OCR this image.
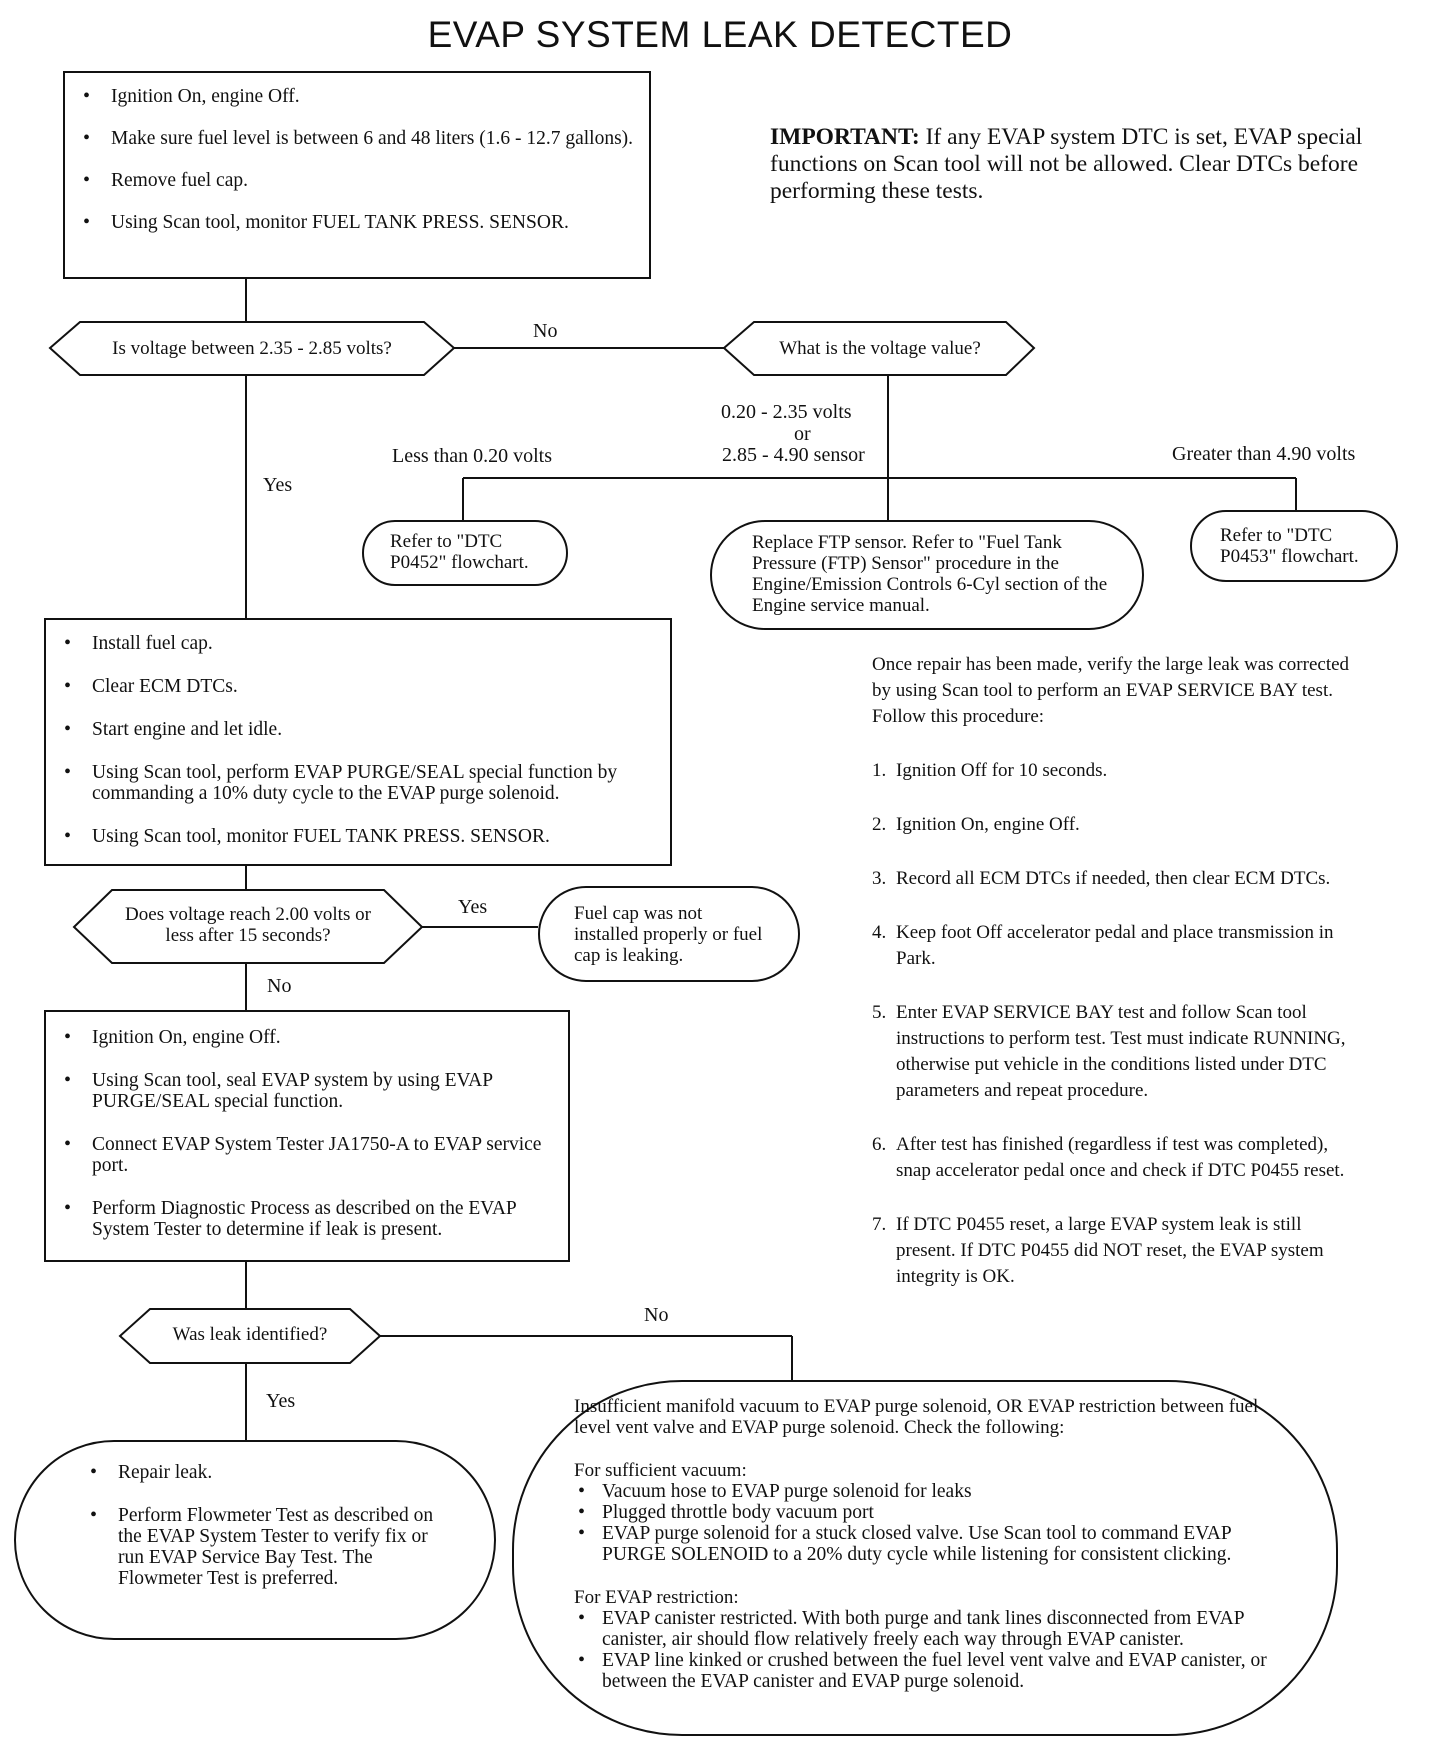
EVAP SYSTEM LEAK DETECTED
IMPORTANT: If any EVAP system DTC is set, EVAP special functions on Scan tool will not be allowed. Clear DTCs before performing these tests.
• Ignition On, engine Off.
• Make sure fuel level is between 6 and 48 liters (1.6 - 12.7 gallons).
• Remove fuel cap.
• Using Scan tool, monitor FUEL TANK PRESS. SENSOR.
Is voltage between 2.35 - 2.85 volts?
No
Yes
What is the voltage value?
Less than 0.20 volts
0.20 - 2.35 volts
or
2.85 - 4.90 sensor	Greater than 4.90 volts
Refer to "DTC P0452" flowchart.
Replace FTP sensor. Refer to "Fuel Tank Pressure (FTP) Sensor" procedure in the Engine/Emission Controls 6-Cyl section of the Engine service manual.
Refer to "DTC P0453" flowchart.
• Install fuel cap.
• Clear ECM DTCs.
• Start engine and let idle.
• Using Scan tool, perform EVAP PURGE/SEAL special function by commanding a 10% duty cycle to the EVAP purge solenoid.
• Using Scan tool, monitor FUEL TANK PRESS. SENSOR.
Does voltage reach 2.00 volts or less after 15 seconds?
Yes
No
Fuel cap was not installed properly or fuel cap is leaking.
• Ignition On, engine Off.
• Using Scan tool, seal EVAP system by using EVAP PURGE/SEAL special function.
• Connect EVAP System Tester JA1750-A to EVAP service port.
• Perform Diagnostic Process as described on the EVAP System Tester to determine if leak is present.
Was leak identified?
Yes
No
• Repair leak.
• Perform Flowmeter Test as described on the EVAP System Tester to verify fix or run EVAP Service Bay Test. The Flowmeter Test is preferred.

Insufficient manifold vacuum to EVAP purge solenoid, OR EVAP restriction between fuel level vent valve and EVAP purge solenoid. Check the following:

For sufficient vacuum:

• Vacuum hose to EVAP purge solenoid for leaks
• Plugged throttle body vacuum port
• EVAP purge solenoid for a stuck closed valve. Use Scan tool to command EVAP PURGE SOLENOID to a 20% duty cycle while listening for consistent clicking.

For EVAP restriction:

• EVAP canister restricted. With both purge and tank lines disconnected from EVAP canister, air should flow relatively freely each way through EVAP canister.
• EVAP line kinked or crushed between the fuel level vent valve and EVAP canister, or between the EVAP canister and EVAP purge solenoid.

Once repair has been made, verify the large leak was corrected by using Scan tool to perform an EVAP SERVICE BAY test. Follow this procedure:

1. Ignition Off for 10 seconds.
2. Ignition On, engine Off.
3. Record all ECM DTCs if needed, then clear ECM DTCs.
4. Keep foot Off accelerator pedal and place transmission in Park.
5. Enter EVAP SERVICE BAY test and follow Scan tool instructions to perform test. Test must indicate RUNNING, otherwise put vehicle in the conditions listed under DTC parameters and repeat procedure.
6. After test has finished (regardless if test was completed), snap accelerator pedal once and check if DTC P0455 reset.
7. If DTC P0455 reset, a large EVAP system leak is still present. If DTC P0455 did NOT reset, the EVAP system integrity is OK.
